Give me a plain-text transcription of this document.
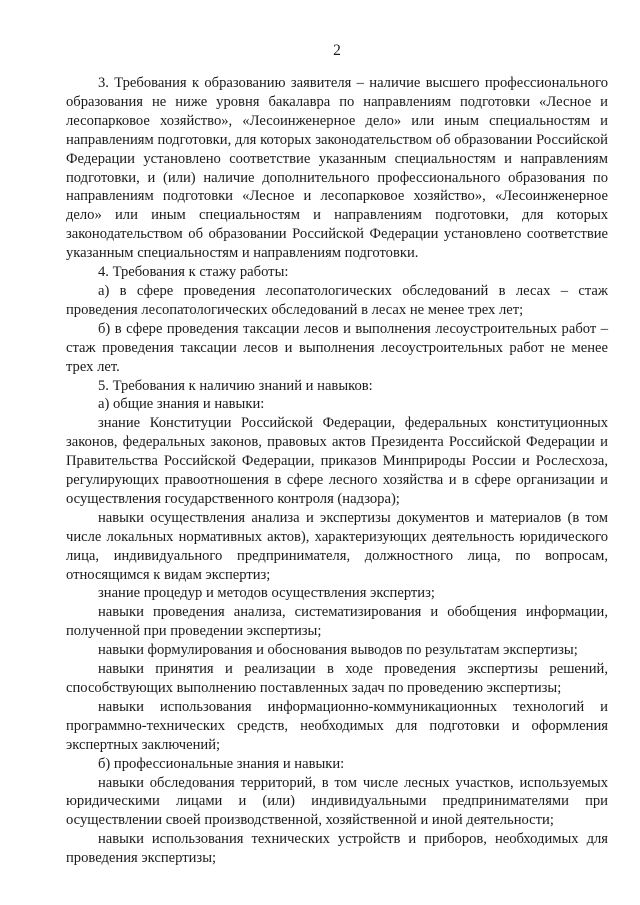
2

3. Требования к образованию заявителя – наличие высшего профессионального образования не ниже уровня бакалавра по направлениям подготовки «Лесное и лесопарковое хозяйство», «Лесоинженерное дело» или иным специальностям и направлениям подготовки, для которых законодательством об образовании Российской Федерации установлено соответствие указанным специальностям и направлениям подготовки, и (или) наличие дополнительного профессионального образования по направлениям подготовки «Лесное и лесопарковое хозяйство», «Лесоинженерное дело» или иным специальностям и направлениям подготовки, для которых законодательством об образовании Российской Федерации установлено соответствие указанным специальностям и направлениям подготовки.

4. Требования к стажу работы:

а) в сфере проведения лесопатологических обследований в лесах – стаж проведения лесопатологических обследований в лесах не менее трех лет;

б) в сфере проведения таксации лесов и выполнения лесоустроительных работ – стаж проведения таксации лесов и выполнения лесоустроительных работ не менее трех лет.

5. Требования к наличию знаний и навыков:

а) общие знания и навыки:

знание Конституции Российской Федерации, федеральных конституционных законов, федеральных законов, правовых актов Президента Российской Федерации и Правительства Российской Федерации, приказов Минприроды России и Рослесхоза, регулирующих правоотношения в сфере лесного хозяйства и в сфере организации и осуществления государственного контроля (надзора);

навыки осуществления анализа и экспертизы документов и материалов (в том числе локальных нормативных актов), характеризующих деятельность юридического лица, индивидуального предпринимателя, должностного лица, по вопросам, относящимся к видам экспертиз;

знание процедур и методов осуществления экспертиз;

навыки проведения анализа, систематизирования и обобщения информации, полученной при проведении экспертизы;

навыки формулирования и обоснования выводов по результатам экспертизы;

навыки принятия и реализации в ходе проведения экспертизы решений, способствующих выполнению поставленных задач по проведению экспертизы;

навыки использования информационно-коммуникационных технологий и программно-технических средств, необходимых для подготовки и оформления экспертных заключений;

б) профессиональные знания и навыки:

навыки обследования территорий, в том числе лесных участков, используемых юридическими лицами и (или) индивидуальными предпринимателями при осуществлении своей производственной, хозяйственной и иной деятельности;

навыки использования технических устройств и приборов, необходимых для проведения экспертизы;
